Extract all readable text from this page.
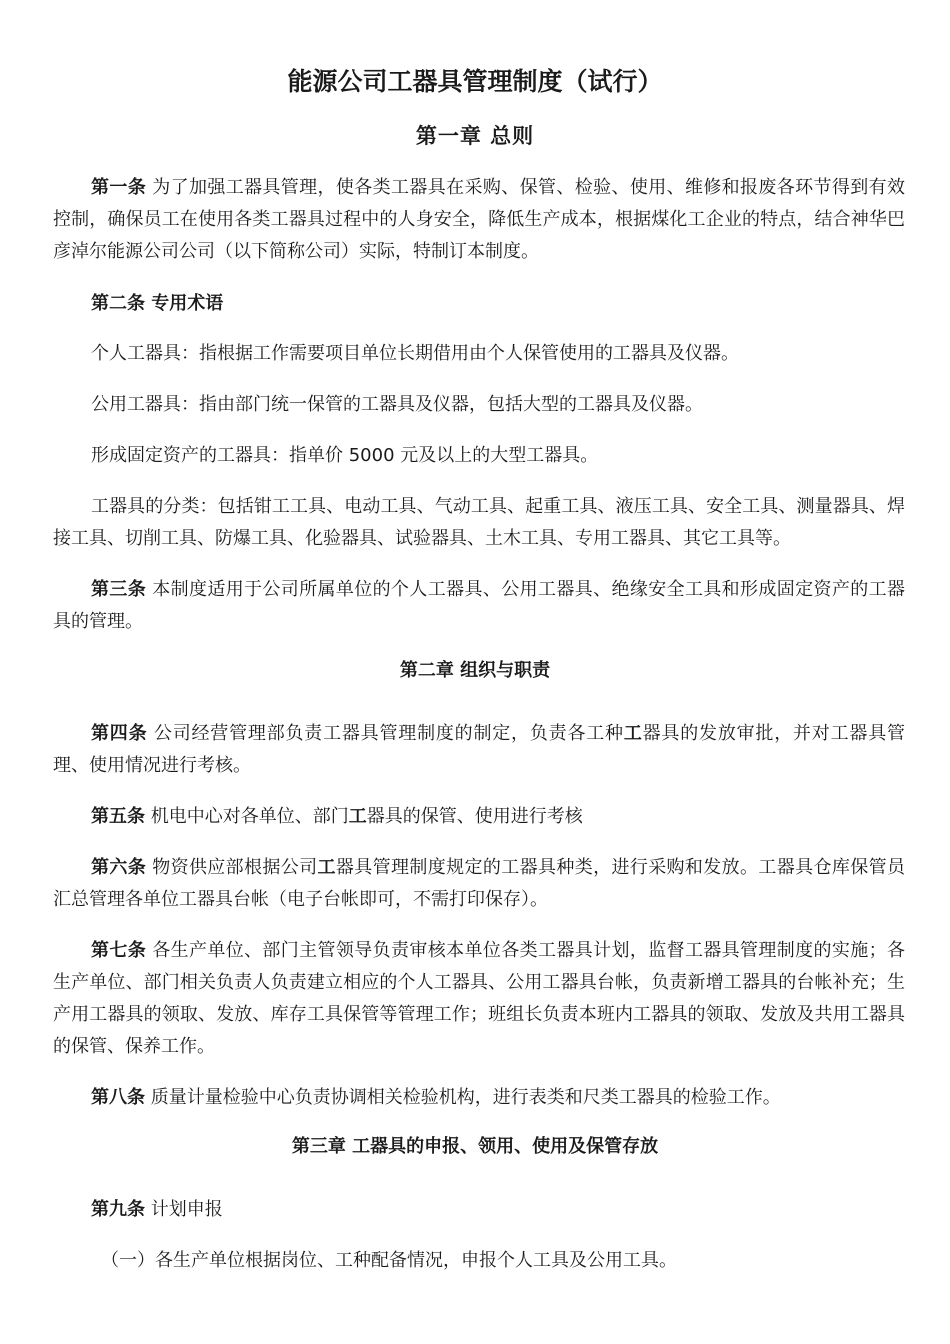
能源公司工器具管理制度（试行）
第一章 总则

第一条 为了加强工器具管理，使各类工器具在采购、保管、检验、使用、维修和报废各环节得到有效控制，确保员工在使用各类工器具过程中的人身安全，降低生产成本，根据煤化工企业的特点，结合神华巴彦淖尔能源公司公司（以下简称公司）实际，特制订本制度。

第二条 专用术语

个人工器具：指根据工作需要项目单位长期借用由个人保管使用的工器具及仪器。

公用工器具：指由部门统一保管的工器具及仪器，包括大型的工器具及仪器。

形成固定资产的工器具：指单价 5000 元及以上的大型工器具。

工器具的分类：包括钳工工具、电动工具、气动工具、起重工具、液压工具、安全工具、测量器具、焊接工具、切削工具、防爆工具、化验器具、试验器具、土木工具、专用工器具、其它工具等。

第三条 本制度适用于公司所属单位的个人工器具、公用工器具、绝缘安全工具和形成固定资产的工器具的管理。

第二章 组织与职责

第四条 公司经营管理部负责工器具管理制度的制定，负责各工种工器具的发放审批，并对工器具管理、使用情况进行考核。

第五条 机电中心对各单位、部门工器具的保管、使用进行考核

第六条 物资供应部根据公司工器具管理制度规定的工器具种类，进行采购和发放。工器具仓库保管员汇总管理各单位工器具台帐（电子台帐即可，不需打印保存）。

第七条 各生产单位、部门主管领导负责审核本单位各类工器具计划，监督工器具管理制度的实施；各生产单位、部门相关负责人负责建立相应的个人工器具、公用工器具台帐，负责新增工器具的台帐补充；生产用工器具的领取、发放、库存工具保管等管理工作；班组长负责本班内工器具的领取、发放及共用工器具的保管、保养工作。

第八条 质量计量检验中心负责协调相关检验机构，进行表类和尺类工器具的检验工作。

第三章 工器具的申报、领用、使用及保管存放

第九条 计划申报

（一）各生产单位根据岗位、工种配备情况，申报个人工具及公用工具。
